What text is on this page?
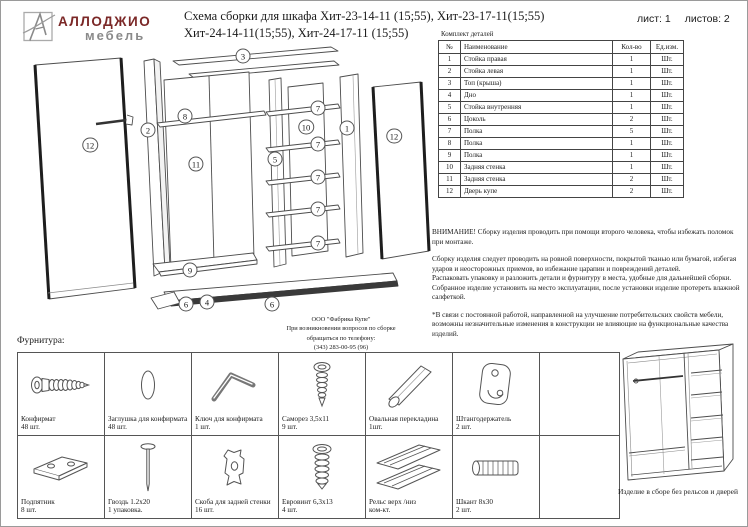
АЛЛОДЖИО
мебель
Схема сборки для шкафа Хит-23-14-11 (15;55), Хит-23-17-11(15;55)
Хит-24-14-11(15;55), Хит-24-17-11 (15;55)
лист: 1 листов: 2
Комплект деталей
№	Наименование	Кол-во	Ед.изм.
1	Стойка правая	1	Шт.
2	Стойка левая	1	Шт.
3	Топ (крыша)	1	Шт.
4	Дно	1	Шт.
5	Стойка внутренняя	1	Шт.
6	Цоколь	2	Шт.
7	Полка	5	Шт.
8	Полка	1	Шт.
9	Полка	1	Шт.
10	Задняя стенка	1	Шт.
11	Задняя стенка	2	Шт.
12	Дверь купе	2	Шт.
ВНИМАНИЕ! Сборку изделия проводить при помощи второго человека, чтобы избежать поломок при монтаже.
Сборку изделия следует проводить на ровной поверхности, покрытой тканью или бумагой, избегая ударов и неосторожных приемов, во избежание царапин и повреждений деталей.
Распаковать упаковку и разложить детали и фурнитуру в места, удобные для дальнейшей сборки.
Собранное изделие установить на место эксплуатации, после установки изделие протереть влажной салфеткой.
*В связи с постоянной работой, направленной на улучшение потребительских свойств мебели, возможны незначительные изменения в конструкции не влияющие на функциональные качества изделий.
ООО "Фабрика Купе"
При возникновении вопросов по сборке
обращаться по телефону:
(343) 283-00-95 (96)
3
8
2
12
11	5
10
7
7
7
7
7
1
12
9
6	4	6
Фурнитура:
Конфирмат
48 шт.
Заглушка для конфирмата
48 шт.
Ключ для конфирмата
1 шт.
Саморез 3,5х11
9 шт.
Овальная перекладина
1шт.
Штангодержатель
2 шт.
Подпятник
8 шт.
Гвоздь 1.2х20
1 упаковка.
Скоба для задней стенки
16 шт.
Евровинт 6,3х13
4 шт.
Рельс верх /низ
ком-кт.
Шкант 8х30
2 шт.
Изделие в сборе без рельсов и дверей
